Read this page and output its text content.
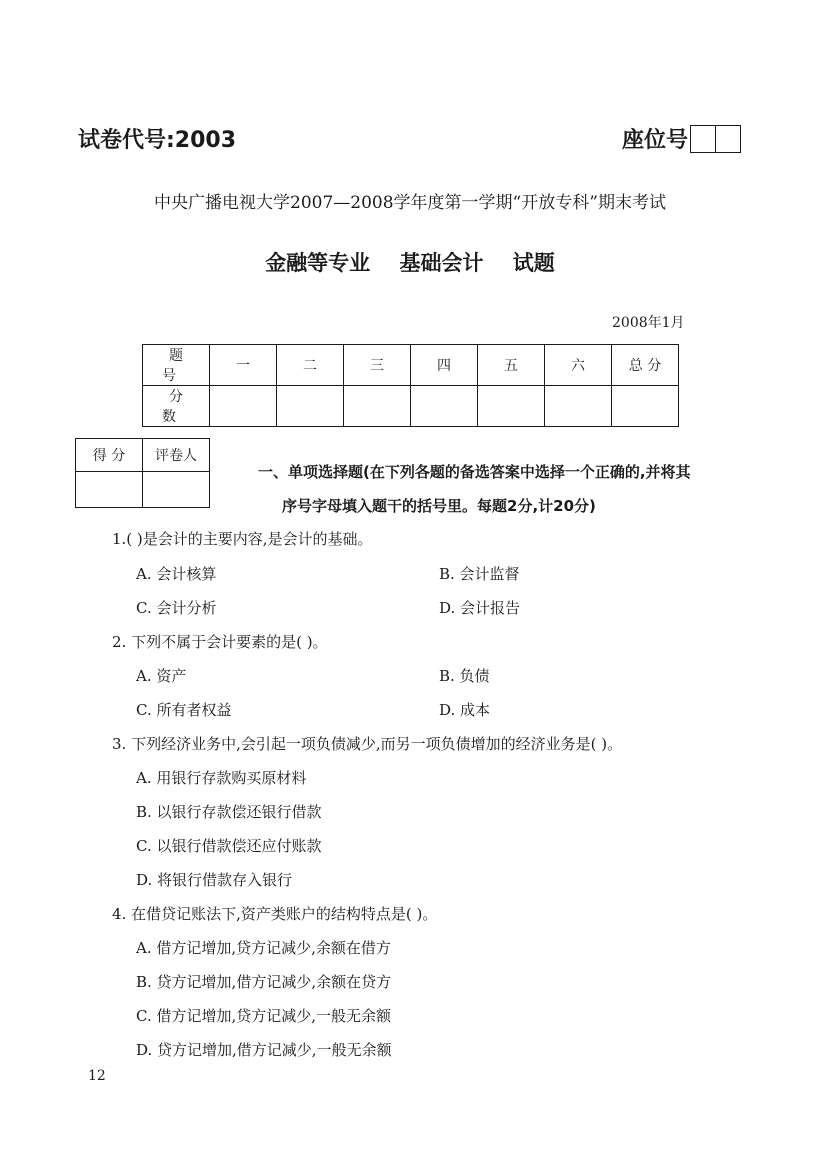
试卷代号:2003	座位号
中央广播电视大学2007—2008学年度第一学期“开放专科”期末考试
金融等专业 基础会计 试题
2008年1月
题号	一	二	三	四	五	六	总 分
分数							
得 分	评卷人

一、单项选择题(在下列各题的备选答案中选择一个正确的,并将其
序号字母填入题干的括号里。每题2分,计20分)
1.( )是会计的主要内容,是会计的基础。
A. 会计核算	B. 会计监督
C. 会计分析	D. 会计报告
2. 下列不属于会计要素的是( )。
A. 资产	B. 负债
C. 所有者权益	D. 成本
3. 下列经济业务中,会引起一项负债减少,而另一项负债增加的经济业务是( )。
A. 用银行存款购买原材料
B. 以银行存款偿还银行借款
C. 以银行借款偿还应付账款
D. 将银行借款存入银行
4. 在借贷记账法下,资产类账户的结构特点是( )。
A. 借方记增加,贷方记减少,余额在借方
B. 贷方记增加,借方记减少,余额在贷方
C. 借方记增加,贷方记减少,一般无余额
D. 贷方记增加,借方记减少,一般无余额
12
